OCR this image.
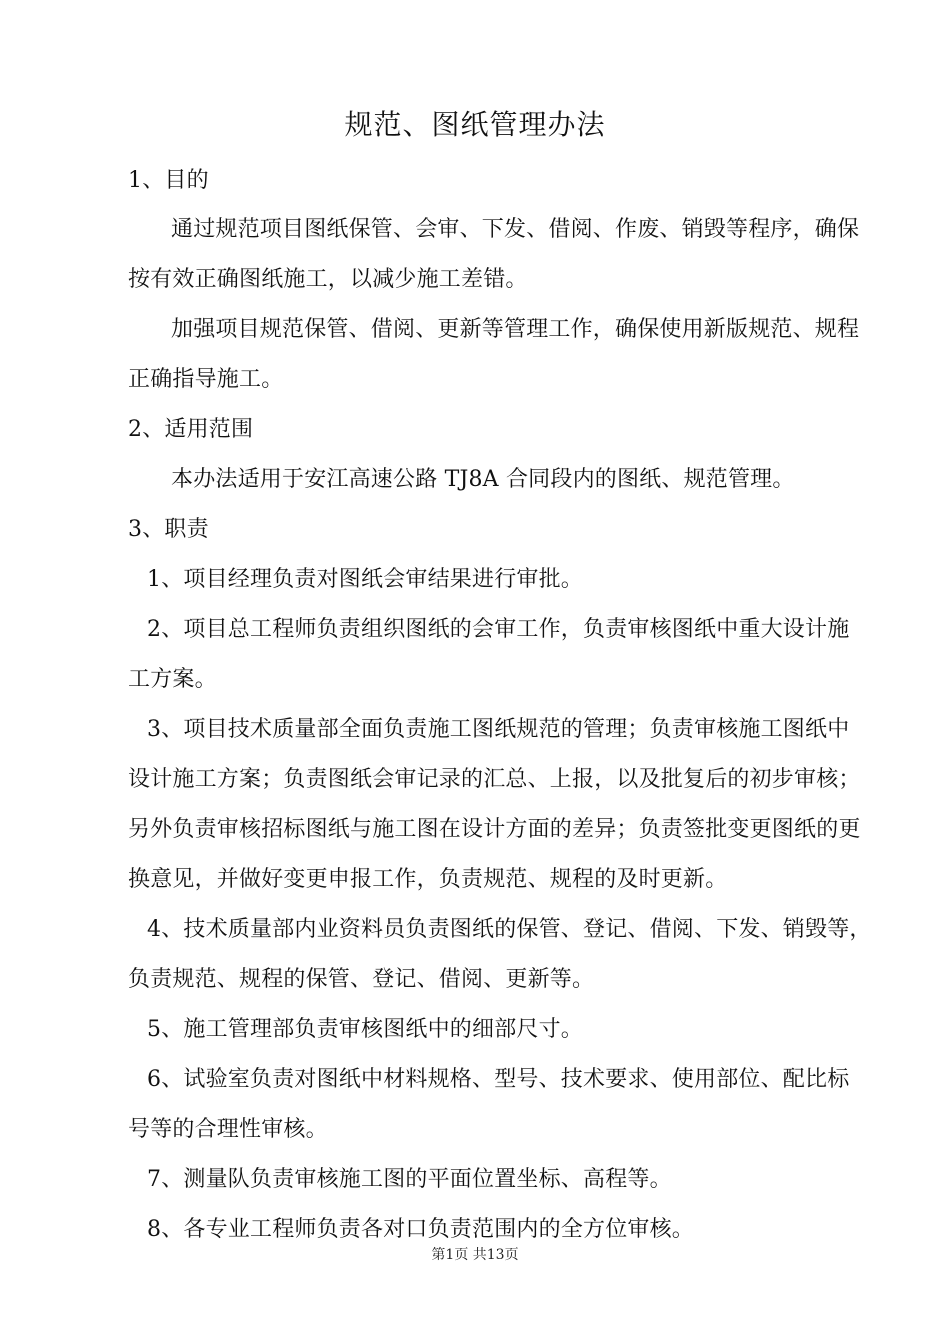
规范、图纸管理办法
1、目的
通过规范项目图纸保管、会审、下发、借阅、作废、销毁等程序，确保
按有效正确图纸施工，以减少施工差错。
加强项目规范保管、借阅、更新等管理工作，确保使用新版规范、规程
正确指导施工。
2、适用范围
本办法适用于安江高速公路 TJ8A 合同段内的图纸、规范管理。
3、职责
1、项目经理负责对图纸会审结果进行审批。
2、项目总工程师负责组织图纸的会审工作，负责审核图纸中重大设计施
工方案。
3、项目技术质量部全面负责施工图纸规范的管理；负责审核施工图纸中
设计施工方案；负责图纸会审记录的汇总、上报，以及批复后的初步审核；
另外负责审核招标图纸与施工图在设计方面的差异；负责签批变更图纸的更
换意见，并做好变更申报工作，负责规范、规程的及时更新。
4、技术质量部内业资料员负责图纸的保管、登记、借阅、下发、销毁等，
负责规范、规程的保管、登记、借阅、更新等。
5、施工管理部负责审核图纸中的细部尺寸。
6、试验室负责对图纸中材料规格、型号、技术要求、使用部位、配比标
号等的合理性审核。
7、测量队负责审核施工图的平面位置坐标、高程等。
8、各专业工程师负责各对口负责范围内的全方位审核。
第1页 共13页
